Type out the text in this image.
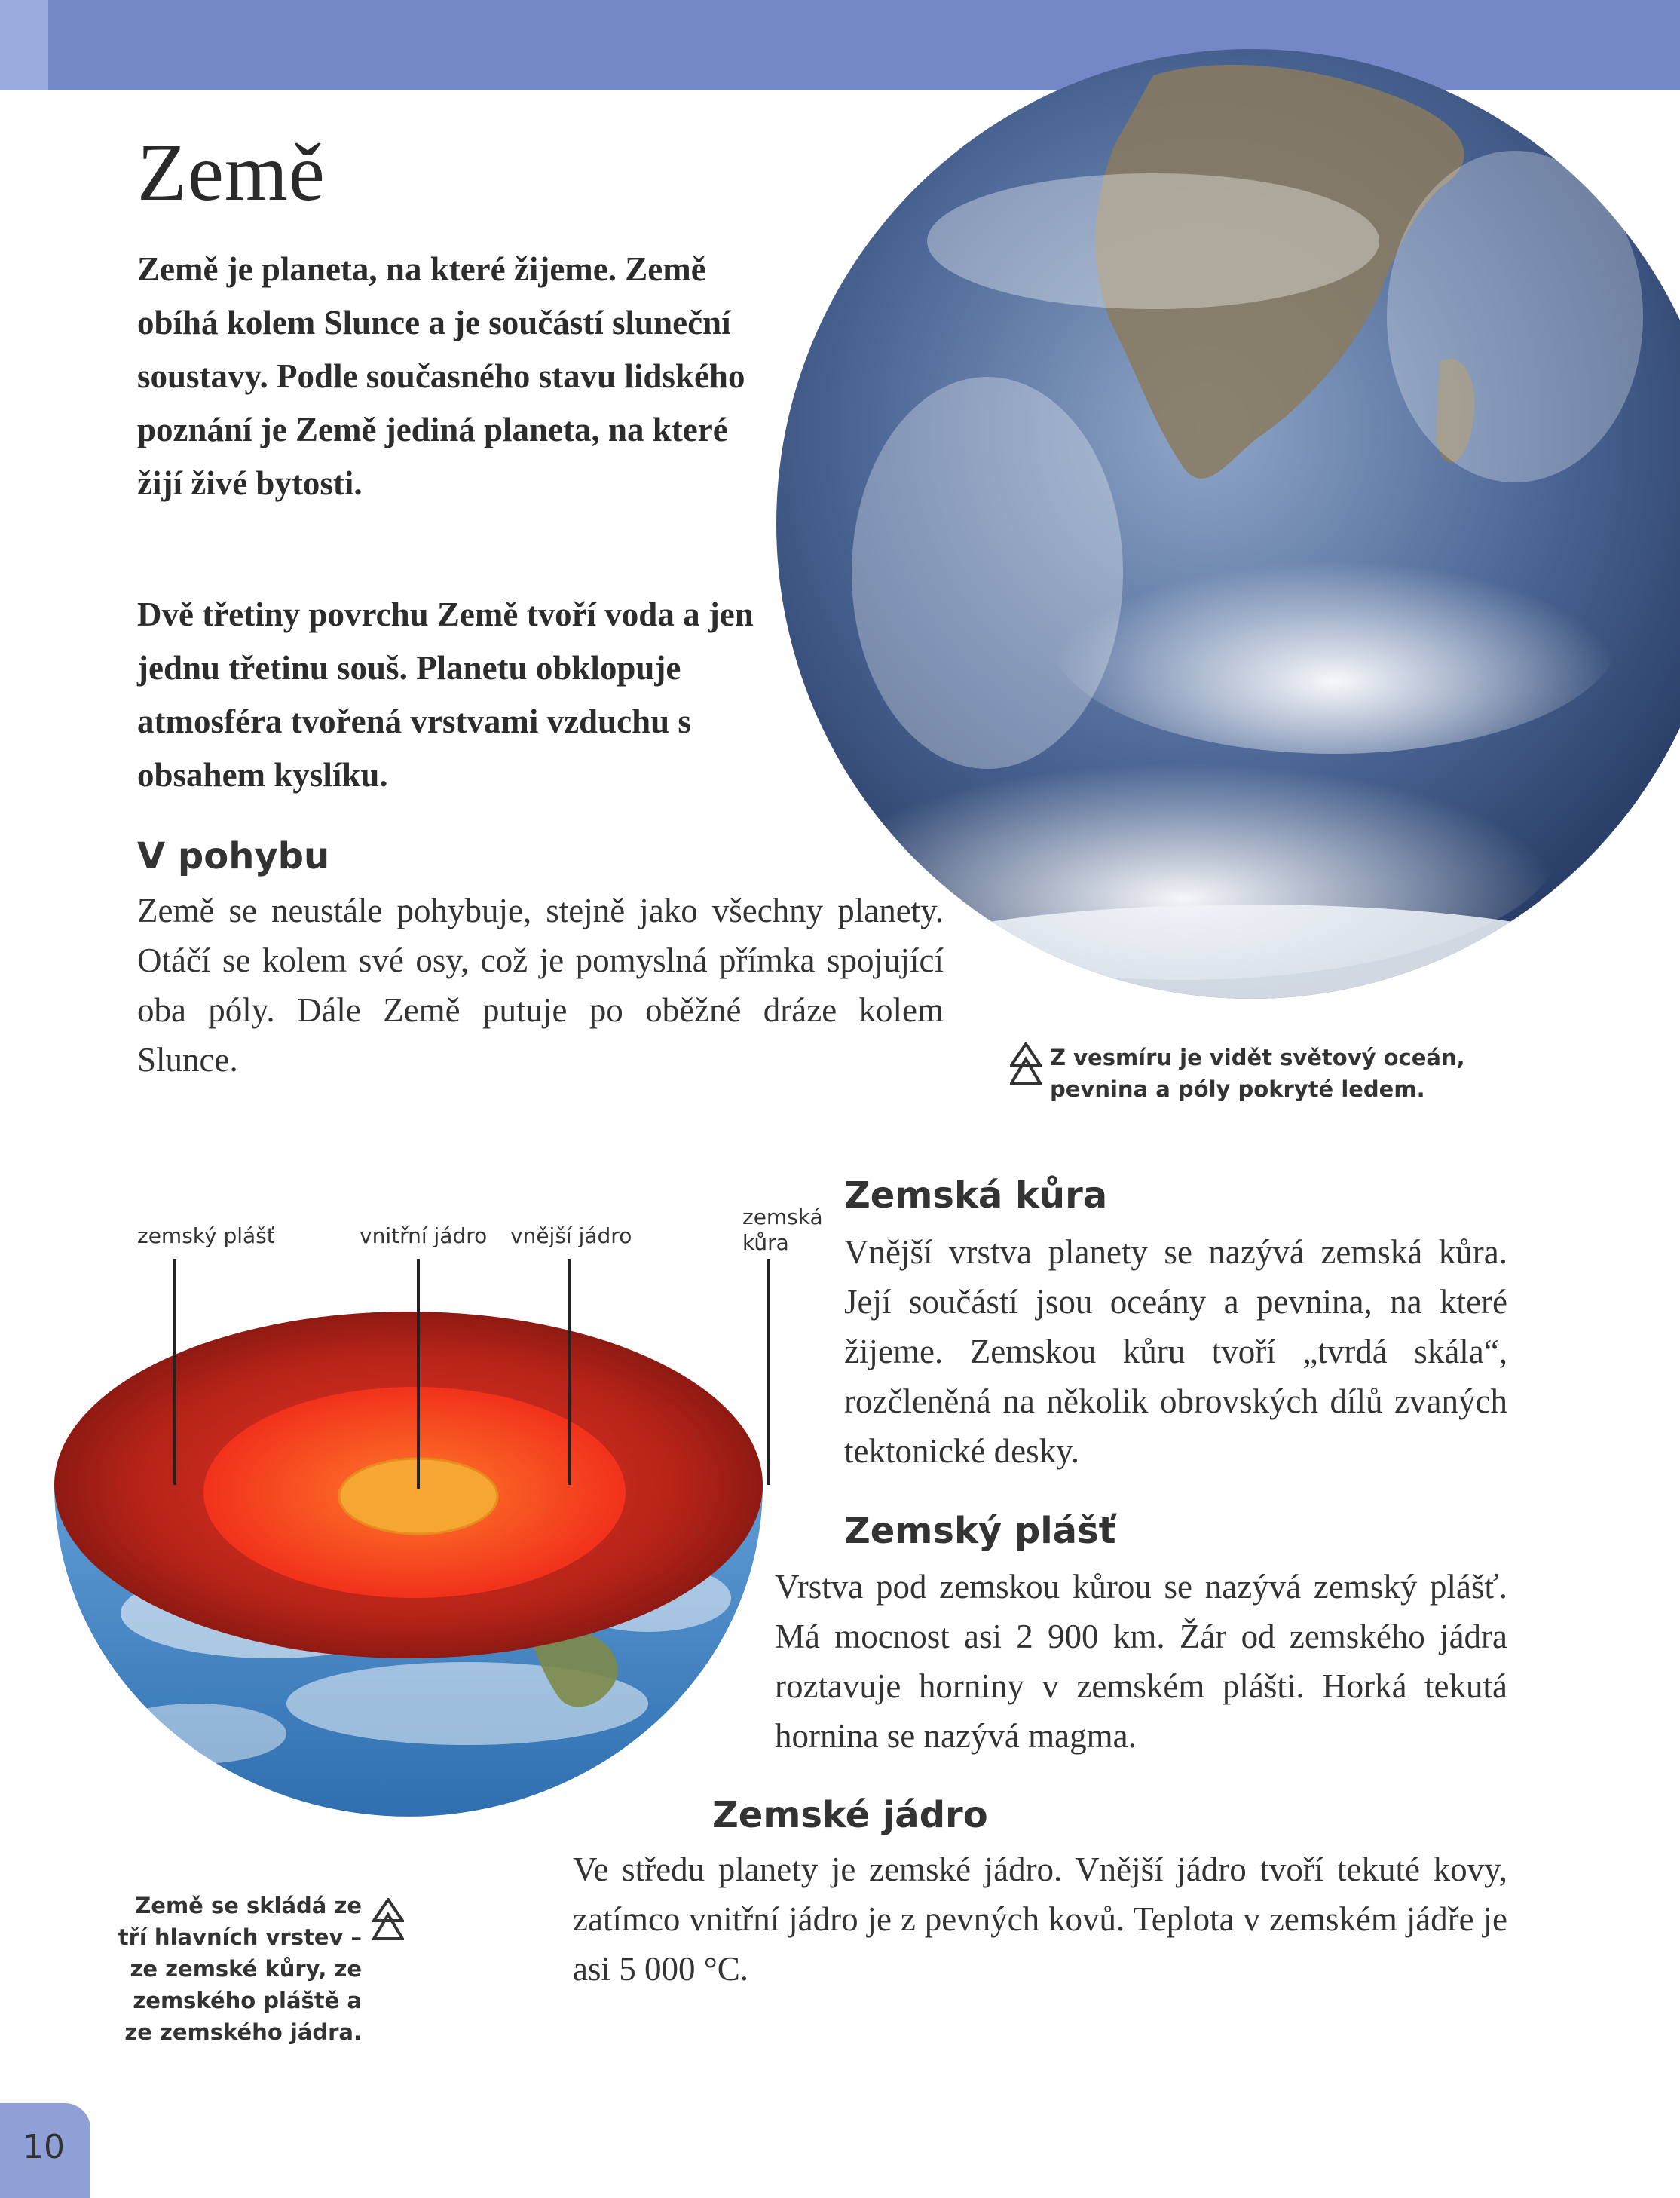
Země

Země je planeta, na které žijeme. Země obíhá kolem Slunce a je součástí sluneční soustavy. Podle současného stavu lidského poznání je Země jediná planeta, na které žijí živé bytosti.

Dvě třetiny povrchu Země tvoří voda a jen jednu třetinu souš. Planetu obklopuje atmosféra tvořená vrstvami vzduchu s obsahem kyslíku.

V pohybu

Země se neustále pohybuje, stejně jako všechny planety. Otáčí se kolem své osy, což je pomyslná přímka spojující oba póly. Dále Země putuje po oběžné dráze kolem Slunce.	Z vesmíru je vidět světový oceán, pevnina a póly pokryté ledem.

zemský plášť	vnitřní jádro vnější jádro
zemská kůra
Zemská kůra

Vnější vrstva planety se nazývá zemská kůra. Její součástí jsou oceány a pevnina, na které žijeme. Zemskou kůru tvoří „tvrdá skála“, rozčleněná na několik obrovských dílů zvaných tektonické desky.

Zemský plášť

Vrstva pod zemskou kůrou se nazývá zemský plášť. Má mocnost asi 2 900 km. Žár od zemského jádra roztavuje horniny v zemském plášti. Horká tekutá hornina se nazývá magma.

Zemské jádro

Ve středu planety je zemské jádro. Vnější jádro tvoří tekuté kovy, zatímco vnitřní jádro je z pevných kovů. Teplota v zemském jádře je asi 5 000 °C.

Země se skládá ze tří hlavních vrstev – ze zemské kůry, ze zemského pláště a ze zemského jádra.

10
